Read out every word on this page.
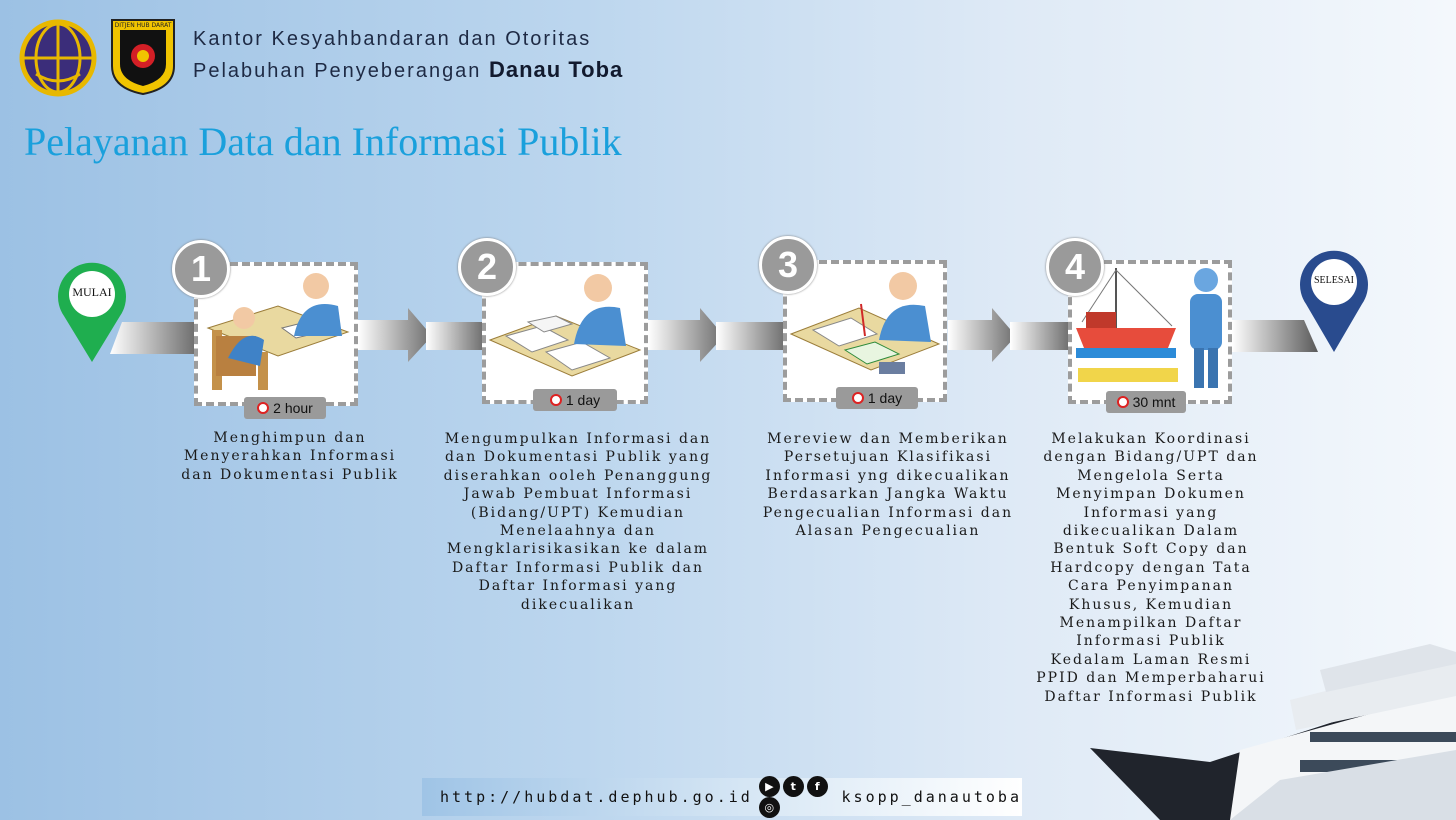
DITJEN HUB DARAT
Kantor Kesyahbandaran dan Otoritas
Pelabuhan Penyeberangan Danau Toba
Pelayanan Data dan Informasi Publik
MULAI
SELESAI
1
2 hour
Menghimpun dan
Menyerahkan Informasi
dan Dokumentasi Publik
2
1 day
Mengumpulkan Informasi dan
dan Dokumentasi Publik yang
diserahkan ooleh Penanggung
Jawab Pembuat Informasi
(Bidang/UPT) Kemudian
Menelaahnya dan
Mengklarisikasikan ke dalam
Daftar Informasi Publik dan
Daftar Informasi yang
dikecualikan
3
1 day
Mereview dan Memberikan
Persetujuan Klasifikasi
Informasi yng dikecualikan
Berdasarkan Jangka Waktu
Pengecualian Informasi dan
Alasan Pengecualian
4
30 mnt
Melakukan Koordinasi
dengan Bidang/UPT dan
Mengelola Serta
Menyimpan Dokumen
Informasi yang
dikecualikan Dalam
Bentuk Soft Copy dan
Hardcopy dengan Tata
Cara Penyimpanan
Khusus, Kemudian
Menampilkan Daftar
Informasi Publik
Kedalam Laman Resmi
PPID dan Memperbaharui
Daftar Informasi Publik
http://hubdat.dephub.go.id
▶ t f◎
ksopp_danautoba
